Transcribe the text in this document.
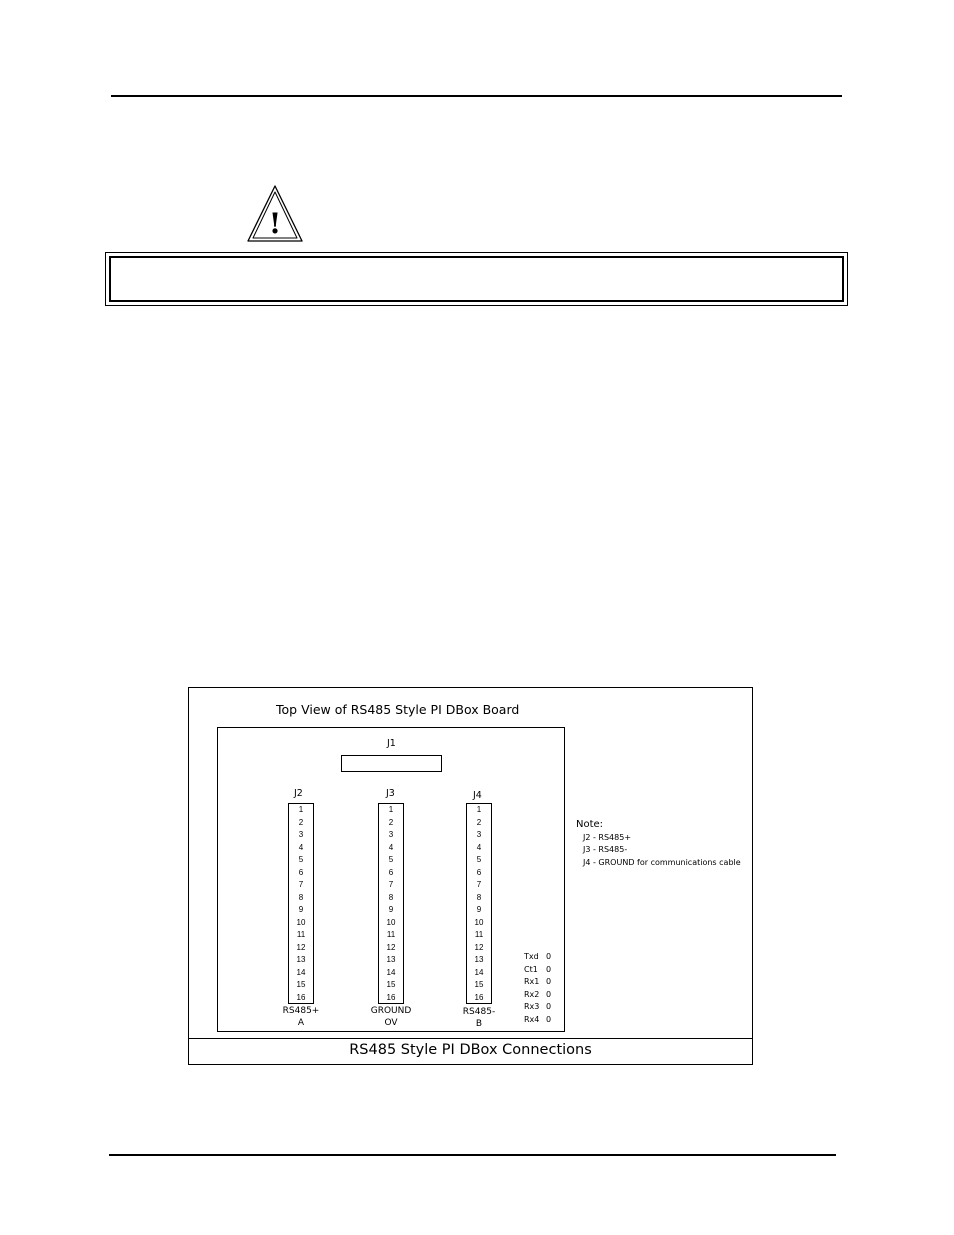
!
Top View of RS485 Style PI DBox Board
J1
J2	J3	J4
1
2
3
4
5
6
7
8
9
10
11
12
13
14
15
16
1
2
3
4
5
6
7
8
9
10
11
12
13
14
15
16
1
2
3
4
5
6
7
8
9
10
11
12
13
14
15
16
RS485+
A
GROUND
OV
RS485-
B
Txd 0
Ct1 0
Rx1 0
Rx2 0
Rx3 0
Rx4 0
Note:
J2 - RS485+
J3 - RS485-
J4 - GROUND for communications cable
RS485 Style PI DBox Connections
